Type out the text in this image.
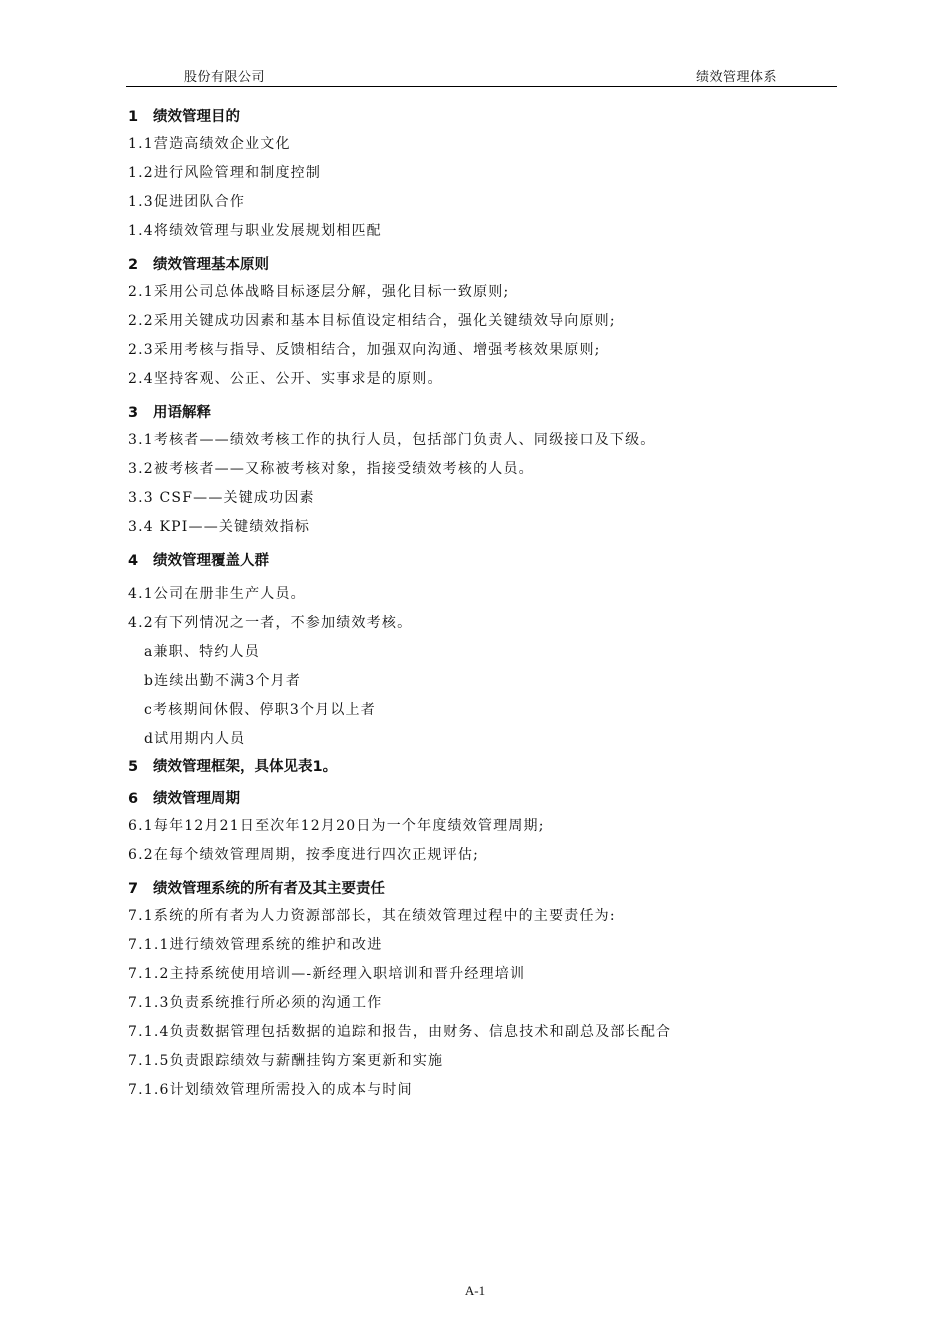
股份有限公司	绩效管理体系
1 绩效管理目的
1.1营造高绩效企业文化
1.2进行风险管理和制度控制
1.3促进团队合作
1.4将绩效管理与职业发展规划相匹配
2 绩效管理基本原则
2.1采用公司总体战略目标逐层分解，强化目标一致原则;
2.2采用关键成功因素和基本目标值设定相结合，强化关键绩效导向原则;
2.3采用考核与指导、反馈相结合，加强双向沟通、增强考核效果原则;
2.4坚持客观、公正、公开、实事求是的原则。
3 用语解释
3.1考核者——绩效考核工作的执行人员，包括部门负责人、同级接口及下级。
3.2被考核者——又称被考核对象，指接受绩效考核的人员。
3.3 CSF——关键成功因素
3.4 KPI——关键绩效指标
4 绩效管理覆盖人群
4.1公司在册非生产人员。
4.2有下列情况之一者，不参加绩效考核。
a兼职、特约人员
b连续出勤不满3个月者
c考核期间休假、停职3个月以上者
d试用期内人员
5 绩效管理框架，具体见表1。
6 绩效管理周期
6.1每年12月21日至次年12月20日为一个年度绩效管理周期;
6.2在每个绩效管理周期，按季度进行四次正规评估;
7 绩效管理系统的所有者及其主要责任
7.1系统的所有者为人力资源部部长，其在绩效管理过程中的主要责任为:
7.1.1进行绩效管理系统的维护和改进
7.1.2主持系统使用培训—-新经理入职培训和晋升经理培训
7.1.3负责系统推行所必须的沟通工作
7.1.4负责数据管理包括数据的追踪和报告，由财务、信息技术和副总及部长配合
7.1.5负责跟踪绩效与薪酬挂钩方案更新和实施
7.1.6计划绩效管理所需投入的成本与时间
A-1
